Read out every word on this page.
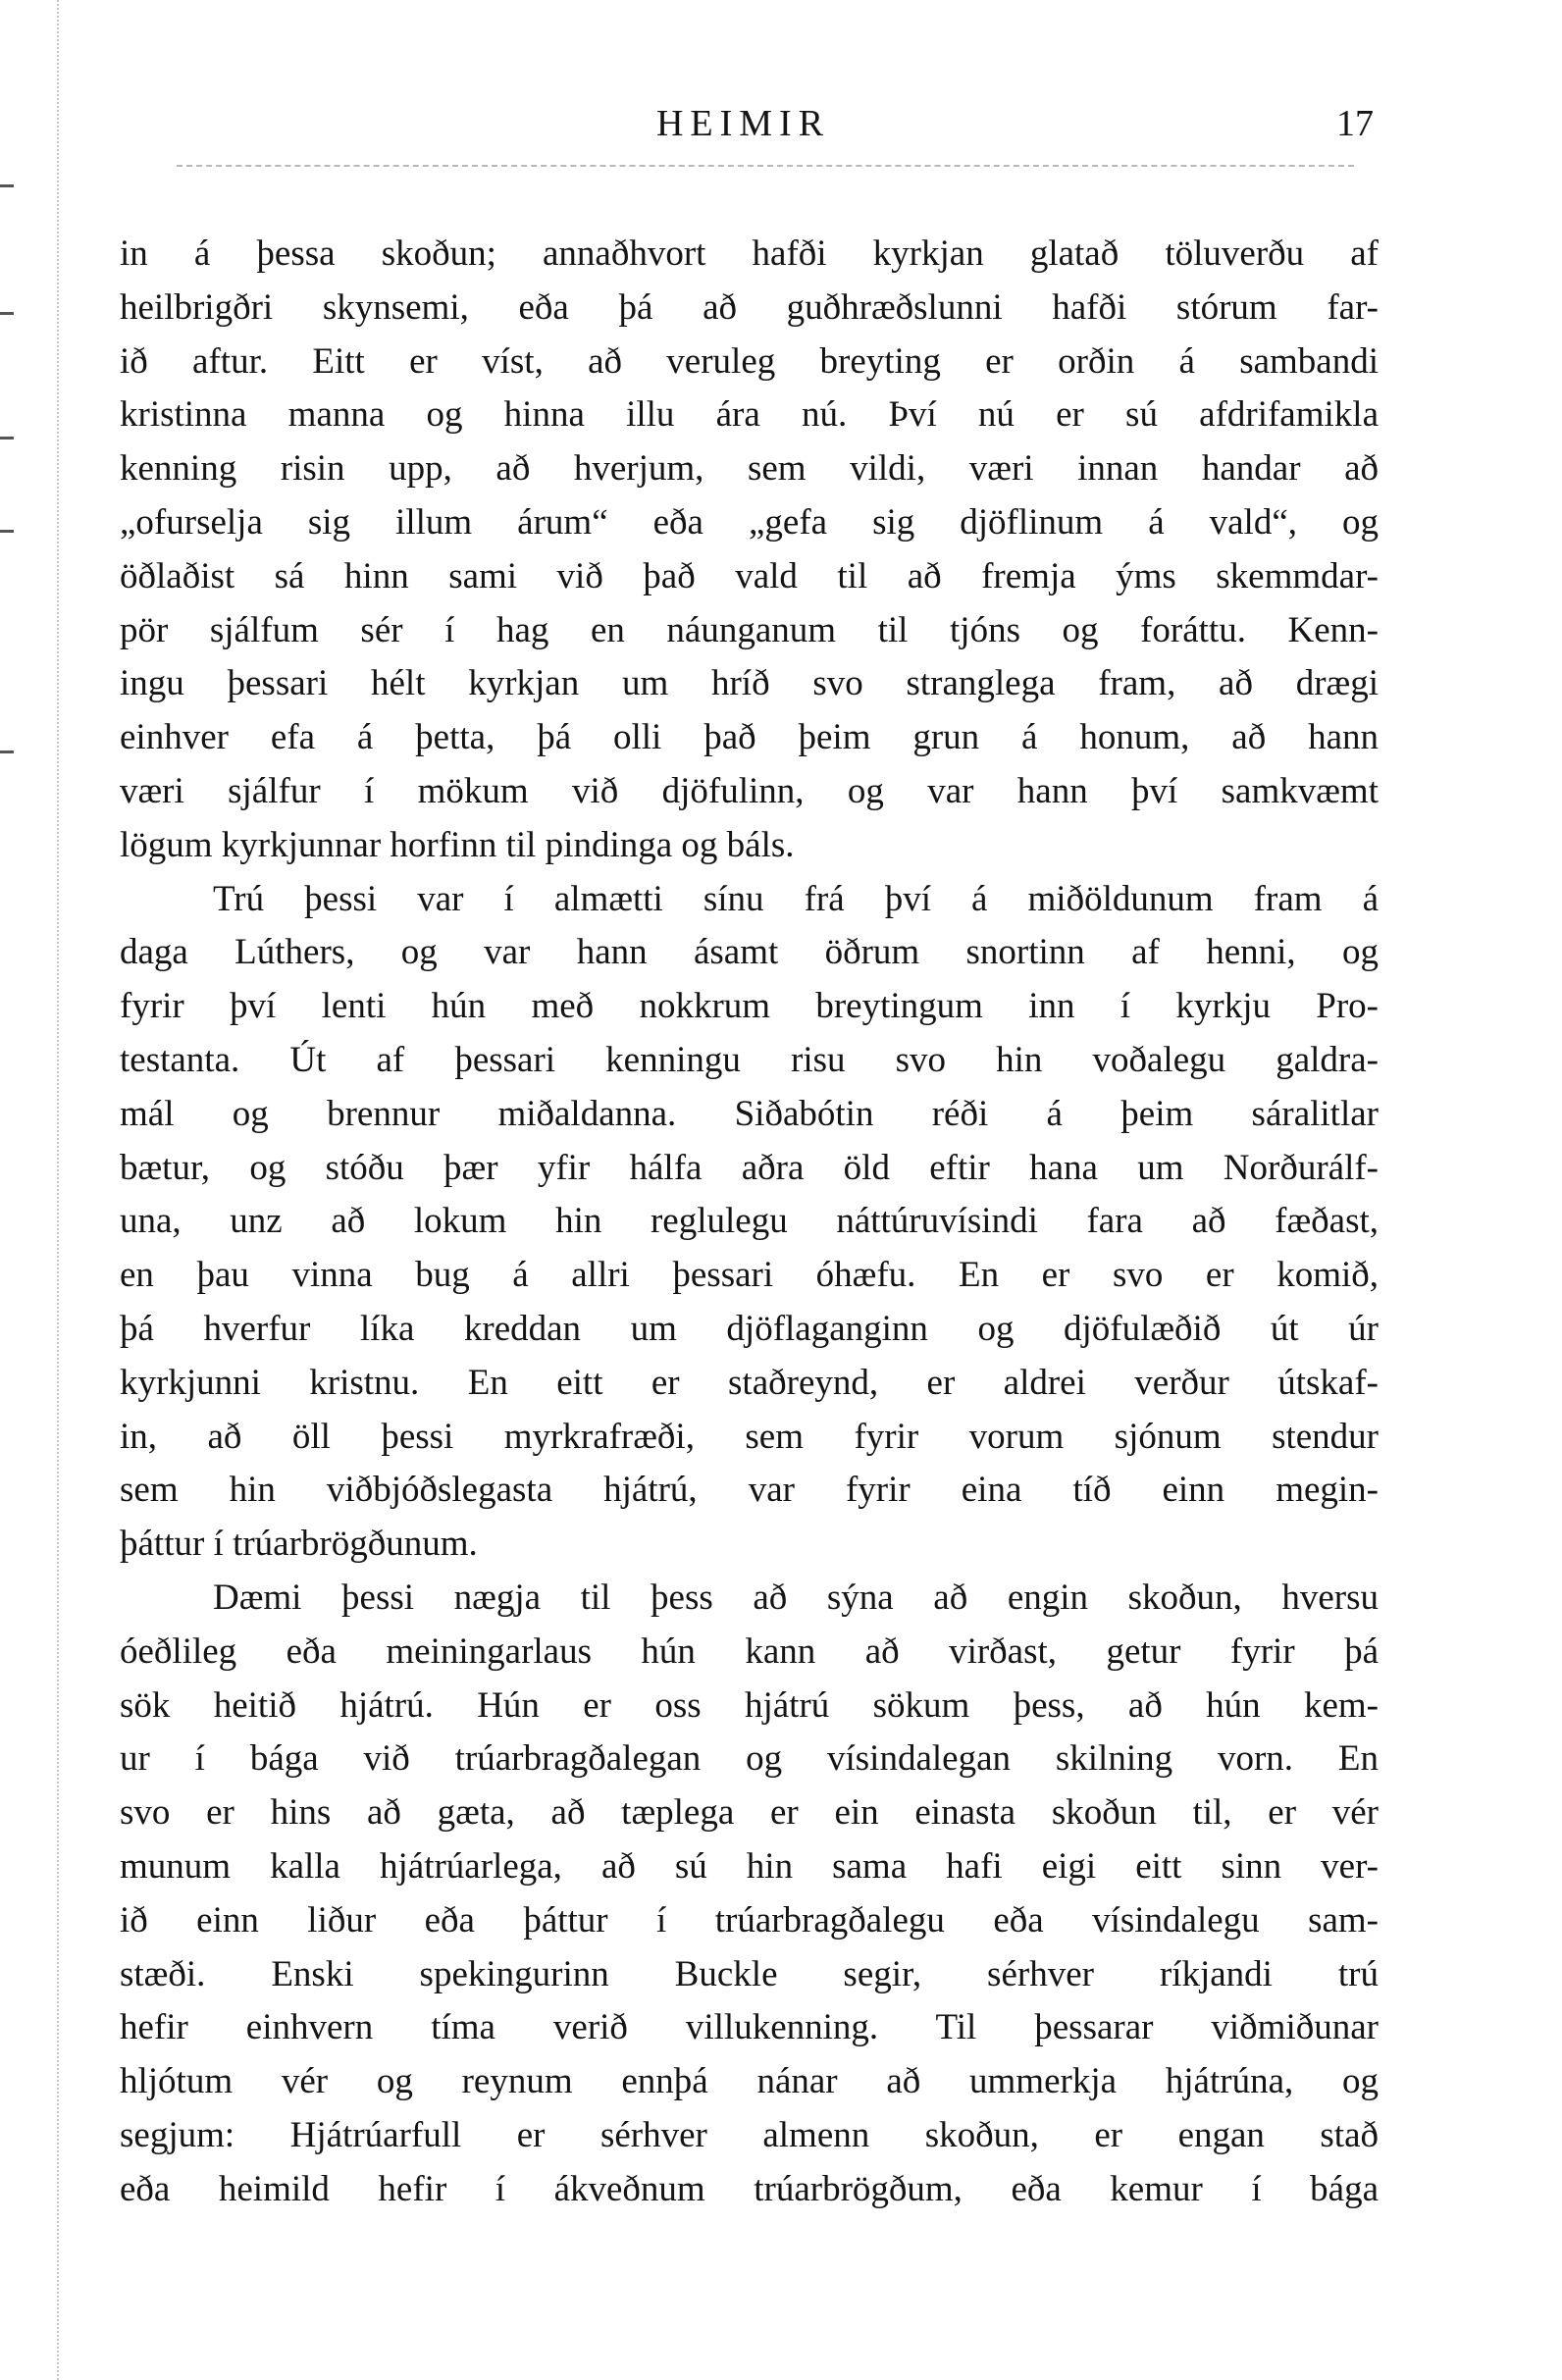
HEIMIR	17
in á þessa skoðun; annaðhvort hafði kyrkjan glatað töluverðu af
heilbrigðri skynsemi, eða þá að guðhræðslunni hafði stórum far-
ið aftur. Eitt er víst, að veruleg breyting er orðin á sambandi
kristinna manna og hinna illu ára nú. Því nú er sú afdrifamikla
kenning risin upp, að hverjum, sem vildi, væri innan handar að
„ofurselja sig illum árum“ eða „gefa sig djöflinum á vald“, og
öðlaðist sá hinn sami við það vald til að fremja ýms skemmdar-
pör sjálfum sér í hag en náunganum til tjóns og foráttu. Kenn-
ingu þessari hélt kyrkjan um hríð svo stranglega fram, að drægi
einhver efa á þetta, þá olli það þeim grun á honum, að hann
væri sjálfur í mökum við djöfulinn, og var hann því samkvæmt
lögum kyrkjunnar horfinn til pindinga og báls.
Trú þessi var í almætti sínu frá því á miðöldunum fram á
daga Lúthers, og var hann ásamt öðrum snortinn af henni, og
fyrir því lenti hún með nokkrum breytingum inn í kyrkju Pro-
testanta. Út af þessari kenningu risu svo hin voðalegu galdra-
mál og brennur miðaldanna. Siðabótin réði á þeim sáralitlar
bætur, og stóðu þær yfir hálfa aðra öld eftir hana um Norðurálf-
una, unz að lokum hin reglulegu náttúruvísindi fara að fæðast,
en þau vinna bug á allri þessari óhæfu. En er svo er komið,
þá hverfur líka kreddan um djöflaganginn og djöfulæðið út úr
kyrkjunni kristnu. En eitt er staðreynd, er aldrei verður útskaf-
in, að öll þessi myrkrafræði, sem fyrir vorum sjónum stendur
sem hin viðbjóðslegasta hjátrú, var fyrir eina tíð einn megin-
þáttur í trúarbrögðunum.
Dæmi þessi nægja til þess að sýna að engin skoðun, hversu
óeðlileg eða meiningarlaus hún kann að virðast, getur fyrir þá
sök heitið hjátrú. Hún er oss hjátrú sökum þess, að hún kem-
ur í bága við trúarbragðalegan og vísindalegan skilning vorn. En
svo er hins að gæta, að tæplega er ein einasta skoðun til, er vér
munum kalla hjátrúarlega, að sú hin sama hafi eigi eitt sinn ver-
ið einn liður eða þáttur í trúarbragðalegu eða vísindalegu sam-
stæði. Enski spekingurinn Buckle segir, sérhver ríkjandi trú
hefir einhvern tíma verið villukenning. Til þessarar viðmiðunar
hljótum vér og reynum ennþá nánar að ummerkja hjátrúna, og
segjum: Hjátrúarfull er sérhver almenn skoðun, er engan stað
eða heimild hefir í ákveðnum trúarbrögðum, eða kemur í bága
